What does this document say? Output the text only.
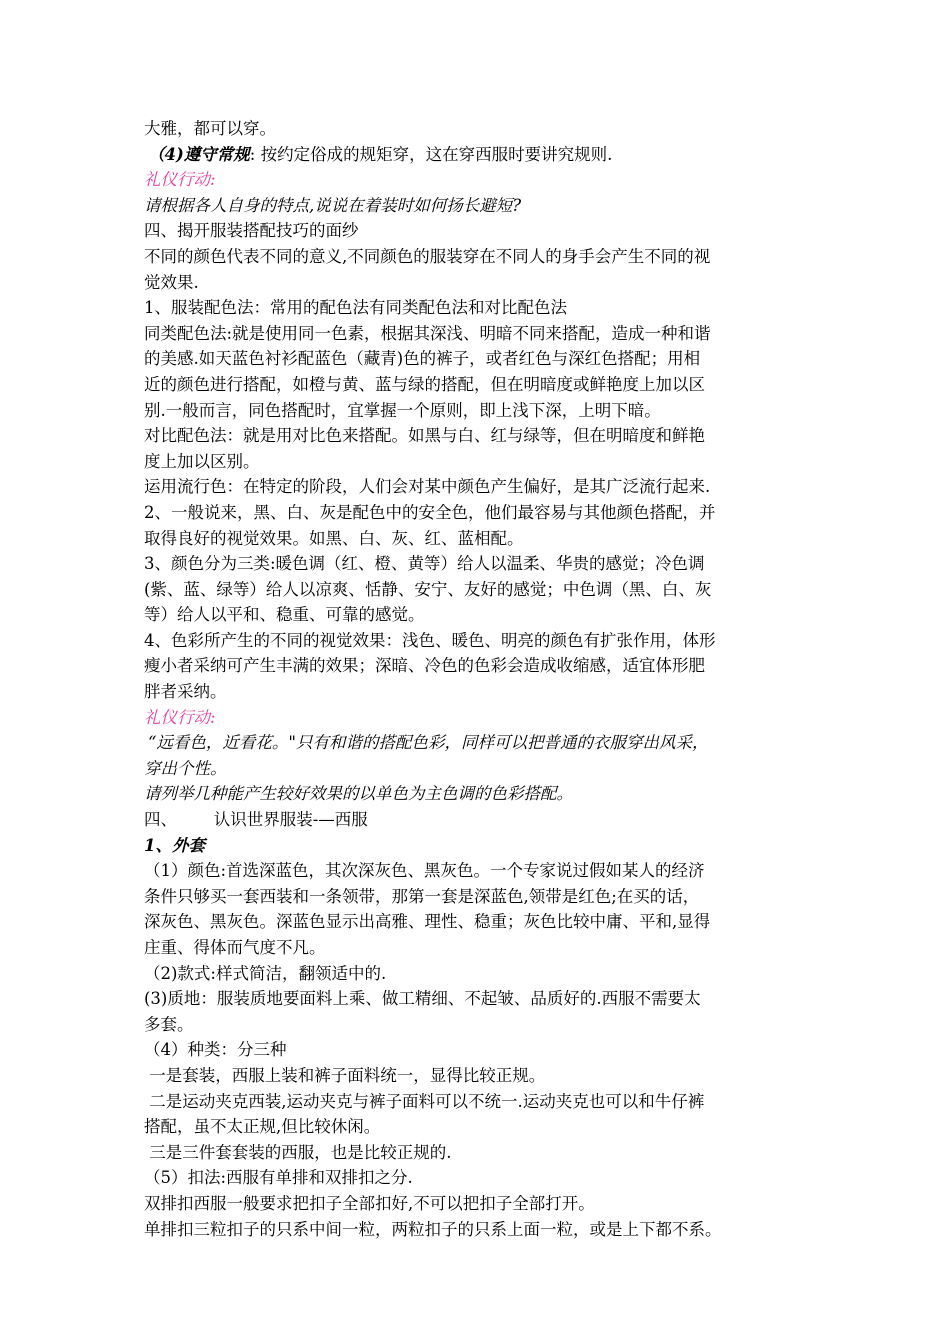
大雅，都可以穿。
（4)遵守常规: 按约定俗成的规矩穿，这在穿西服时要讲究规则.
礼仪行动:
请根据各人自身的特点,说说在着装时如何扬长避短?
四、揭开服装搭配技巧的面纱
不同的颜色代表不同的意义,不同颜色的服装穿在不同人的身手会产生不同的视
觉效果.
1、服装配色法：常用的配色法有同类配色法和对比配色法
同类配色法:就是使用同一色素，根据其深浅、明暗不同来搭配，造成一种和谐
的美感.如天蓝色衬衫配蓝色（藏青)色的裤子，或者红色与深红色搭配；用相
近的颜色进行搭配，如橙与黄、蓝与绿的搭配，但在明暗度或鲜艳度上加以区
别.一般而言，同色搭配时，宜掌握一个原则，即上浅下深，上明下暗。
对比配色法：就是用对比色来搭配。如黑与白、红与绿等，但在明暗度和鲜艳
度上加以区别。
运用流行色：在特定的阶段，人们会对某中颜色产生偏好，是其广泛流行起来.
2、一般说来，黑、白、灰是配色中的安全色，他们最容易与其他颜色搭配，并
取得良好的视觉效果。如黑、白、灰、红、蓝相配。
3、颜色分为三类:暖色调（红、橙、黄等）给人以温柔、华贵的感觉；冷色调
(紫、蓝、绿等）给人以凉爽、恬静、安宁、友好的感觉；中色调（黑、白、灰
等）给人以平和、稳重、可靠的感觉。
4、色彩所产生的不同的视觉效果：浅色、暖色、明亮的颜色有扩张作用，体形
瘦小者采纳可产生丰满的效果；深暗、冷色的色彩会造成收缩感，适宜体形肥
胖者采纳。
礼仪行动:
“远看色，近看花。"只有和谐的搭配色彩，同样可以把普通的衣服穿出风采，
穿出个性。
请列举几种能产生较好效果的以单色为主色调的色彩搭配。
四、       认识世界服装-—西服
1、外套
（1）颜色:首选深蓝色，其次深灰色、黑灰色。一个专家说过假如某人的经济
条件只够买一套西装和一条领带，那第一套是深蓝色,领带是红色;在买的话，
深灰色、黑灰色。深蓝色显示出高雅、理性、稳重；灰色比较中庸、平和,显得
庄重、得体而气度不凡。
（2)款式:样式简洁，翻领适中的.
(3)质地：服装质地要面料上乘、做工精细、不起皱、品质好的.西服不需要太
多套。
（4）种类：分三种
一是套装，西服上装和裤子面料统一，显得比较正规。
二是运动夹克西装,运动夹克与裤子面料可以不统一.运动夹克也可以和牛仔裤
搭配，虽不太正规,但比较休闲。
三是三件套套装的西服，也是比较正规的.
（5）扣法:西服有单排和双排扣之分.
双排扣西服一般要求把扣子全部扣好,不可以把扣子全部打开。
单排扣三粒扣子的只系中间一粒，两粒扣子的只系上面一粒，或是上下都不系。
